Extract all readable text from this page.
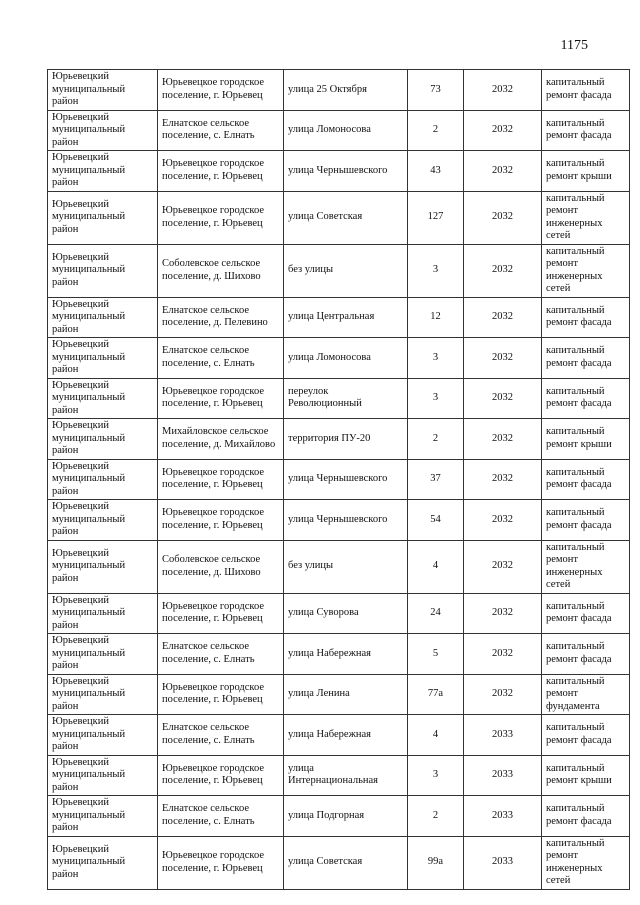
1175
Юрьевецкий муниципальный район	Юрьевецкое городское поселение, г. Юрьевец	улица 25 Октября	73	2032	капитальный ремонт фасада
Юрьевецкий муниципальный район	Елнатское сельское поселение, с. Елнать	улица Ломоносова	2	2032	капитальный ремонт фасада
Юрьевецкий муниципальный район	Юрьевецкое городское поселение, г. Юрьевец	улица Чернышевского	43	2032	капитальный ремонт крыши
Юрьевецкий муниципальный район	Юрьевецкое городское поселение, г. Юрьевец	улица Советская	127	2032	капитальный ремонт инженерных сетей
Юрьевецкий муниципальный район	Соболевское сельское поселение, д. Шихово	без улицы	3	2032	капитальный ремонт инженерных сетей
Юрьевецкий муниципальный район	Елнатское сельское поселение, д. Пелевино	улица Центральная	12	2032	капитальный ремонт фасада
Юрьевецкий муниципальный район	Елнатское сельское поселение, с. Елнать	улица Ломоносова	3	2032	капитальный ремонт фасада
Юрьевецкий муниципальный район	Юрьевецкое городское поселение, г. Юрьевец	переулок Революционный	3	2032	капитальный ремонт фасада
Юрьевецкий муниципальный район	Михайловское сельское поселение, д. Михайлово	территория ПУ-20	2	2032	капитальный ремонт крыши
Юрьевецкий муниципальный район	Юрьевецкое городское поселение, г. Юрьевец	улица Чернышевского	37	2032	капитальный ремонт фасада
Юрьевецкий муниципальный район	Юрьевецкое городское поселение, г. Юрьевец	улица Чернышевского	54	2032	капитальный ремонт фасада
Юрьевецкий муниципальный район	Соболевское сельское поселение, д. Шихово	без улицы	4	2032	капитальный ремонт инженерных сетей
Юрьевецкий муниципальный район	Юрьевецкое городское поселение, г. Юрьевец	улица Суворова	24	2032	капитальный ремонт фасада
Юрьевецкий муниципальный район	Елнатское сельское поселение, с. Елнать	улица Набережная	5	2032	капитальный ремонт фасада
Юрьевецкий муниципальный район	Юрьевецкое городское поселение, г. Юрьевец	улица Ленина	77а	2032	капитальный ремонт фундамента
Юрьевецкий муниципальный район	Елнатское сельское поселение, с. Елнать	улица Набережная	4	2033	капитальный ремонт фасада
Юрьевецкий муниципальный район	Юрьевецкое городское поселение, г. Юрьевец	улица Интернациональная	3	2033	капитальный ремонт крыши
Юрьевецкий муниципальный район	Елнатское сельское поселение, с. Елнать	улица Подгорная	2	2033	капитальный ремонт фасада
Юрьевецкий муниципальный район	Юрьевецкое городское поселение, г. Юрьевец	улица Советская	99а	2033	капитальный ремонт инженерных сетей
